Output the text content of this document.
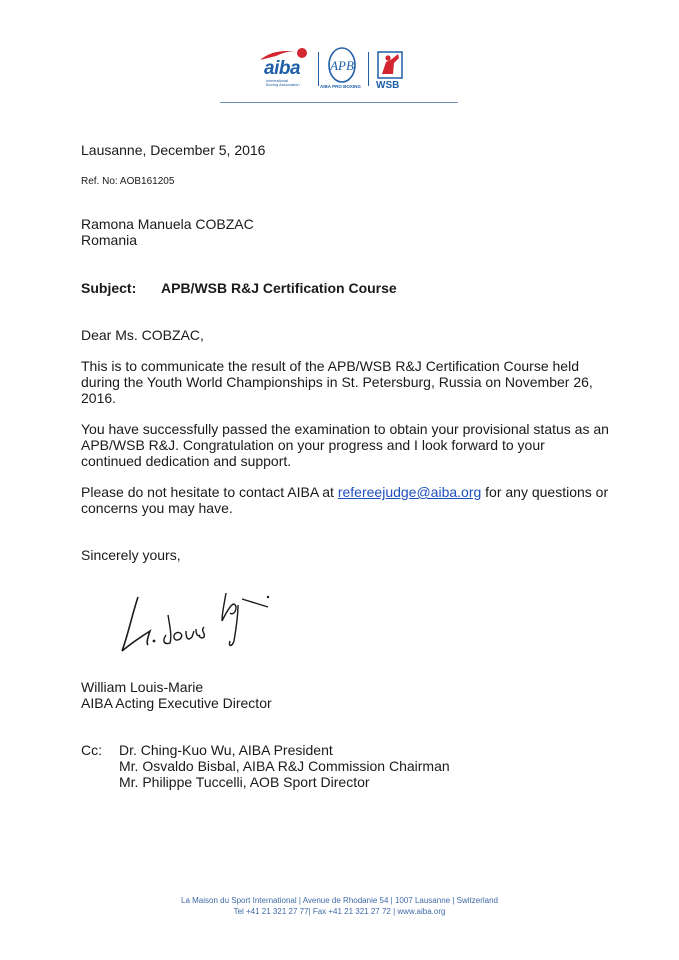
aiba
International
Boxing Association
APB
AIBA PRO BOXING WSB

Lausanne, December 5, 2016

Ref. No: AOB161205

Ramona Manuela COBZAC

Romania

Subject: APB/WSB R&J Certification Course

Dear Ms. COBZAC,

This is to communicate the result of the APB/WSB R&J Certification Course held

during the Youth World Championships in St. Petersburg, Russia on November 26,

2016.

You have successfully passed the examination to obtain your provisional status as an

APB/WSB R&J. Congratulation on your progress and I look forward to your

continued dedication and support.

Please do not hesitate to contact AIBA at refereejudge@aiba.org for any questions or

concerns you may have.

Sincerely yours,

William Louis-Marie

AIBA Acting Executive Director

Cc: Dr. Ching-Kuo Wu, AIBA President
Mr. Osvaldo Bisbal, AIBA R&J Commission Chairman
Mr. Philippe Tuccelli, AOB Sport Director
La Maison du Sport International | Avenue de Rhodanie 54 | 1007 Lausanne | Switzerland
Tel +41 21 321 27 77| Fax +41 21 321 27 72 | www.aiba.org
